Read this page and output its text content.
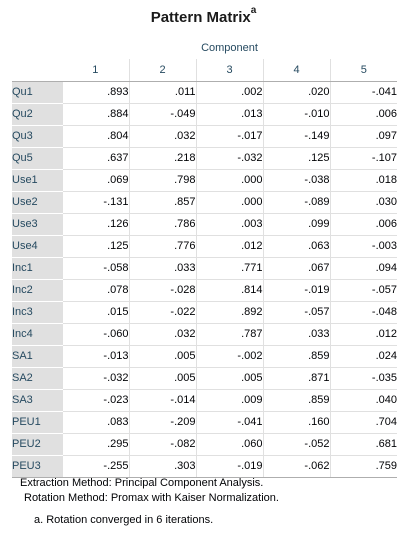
Pattern Matrix$^a$
	Component				
	1	2	3	4	5
Qu1	.893	.011	.002	.020	-.041
Qu2	.884	-.049	.013	-.010	.006
Qu3	.804	.032	-.017	-.149	.097
Qu5	.637	.218	-.032	.125	-.107
Use1	.069	.798	.000	-.038	.018
Use2	-.131	.857	.000	-.089	.030
Use3	.126	.786	.003	.099	.006
Use4	.125	.776	.012	.063	-.003
Inc1	-.058	.033	.771	.067	.094
Inc2	.078	-.028	.814	-.019	-.057
Inc3	.015	-.022	.892	-.057	-.048
Inc4	-.060	.032	.787	.033	.012
SA1	-.013	.005	-.002	.859	.024
SA2	-.032	.005	.005	.871	-.035
SA3	-.023	-.014	.009	.859	.040
PEU1	.083	-.209	-.041	.160	.704
PEU2	.295	-.082	.060	-.052	.681
PEU3	-.255	.303	-.019	-.062	.759
Extraction Method: Principal Component Analysis.
Rotation Method: Promax with Kaiser Normalization.
a. Rotation converged in 6 iterations.
